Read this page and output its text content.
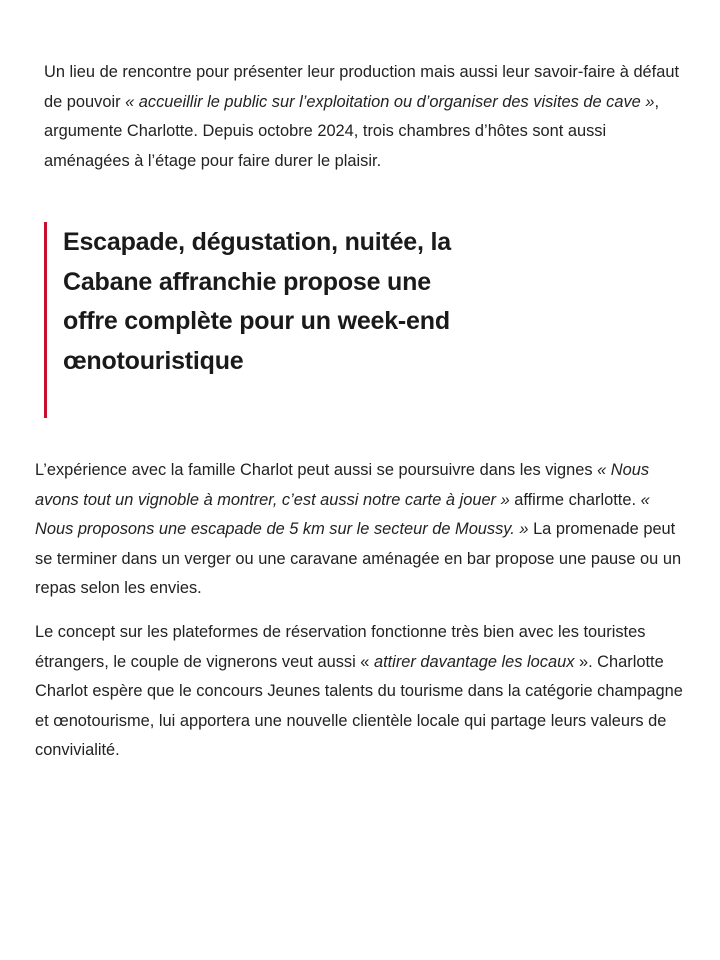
Un lieu de rencontre pour présenter leur production mais aussi leur savoir-faire à défaut de pouvoir « accueillir le public sur l’exploitation ou d’organiser des visites de cave », argumente Charlotte. Depuis octobre 2024, trois chambres d’hôtes sont aussi aménagées à l’étage pour faire durer le plaisir.

Escapade, dégustation, nuitée, la Cabane affranchie propose une offre complète pour un week-end œnotouristique

L’expérience avec la famille Charlot peut aussi se poursuivre dans les vignes « Nous avons tout un vignoble à montrer, c’est aussi notre carte à jouer » affirme charlotte. « Nous proposons une escapade de 5 km sur le secteur de Moussy. » La promenade peut se terminer dans un verger ou une caravane aménagée en bar propose une pause ou un repas selon les envies.

Le concept sur les plateformes de réservation fonctionne très bien avec les touristes étrangers, le couple de vignerons veut aussi « attirer davantage les locaux ». Charlotte Charlot espère que le concours Jeunes talents du tourisme dans la catégorie champagne et œnotourisme, lui apportera une nouvelle clientèle locale qui partage leurs valeurs de convivialité.
